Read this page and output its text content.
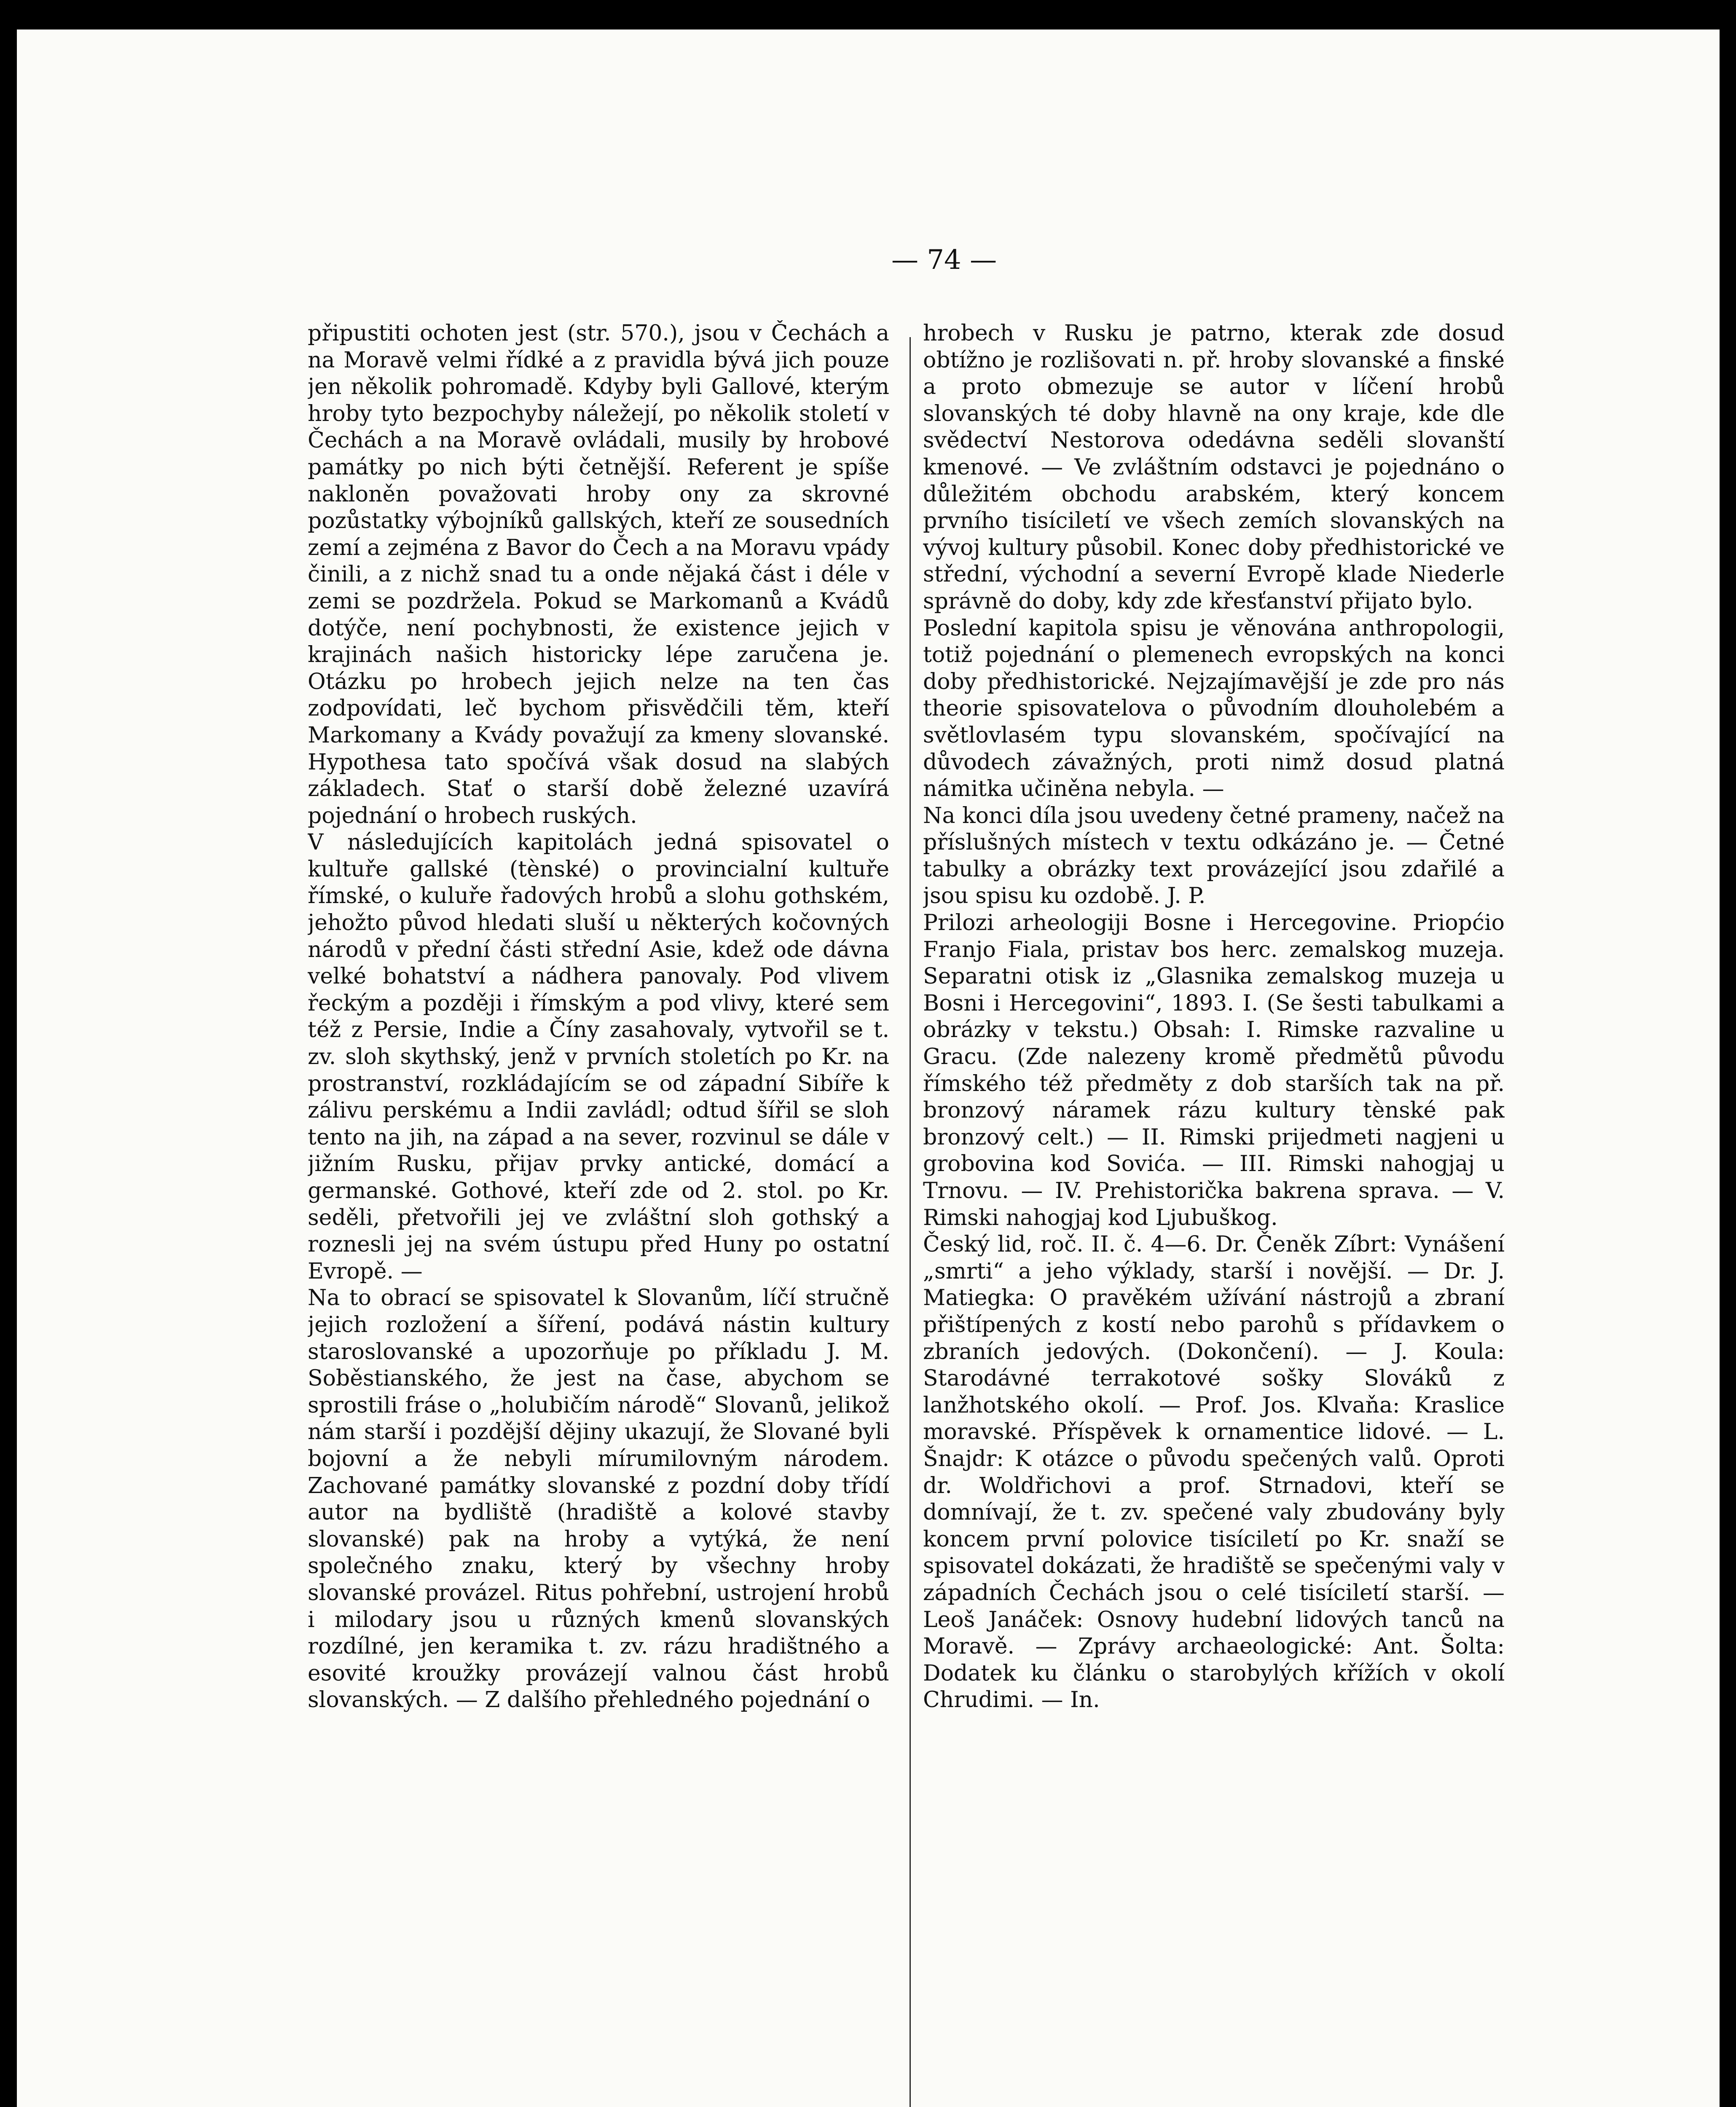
— 74 —

připustiti ochoten jest (str. 570.), jsou v Čechách a na Moravě velmi řídké a z pravidla bývá jich pouze jen několik pohromadě. Kdyby byli Gallové, kterým hroby tyto bezpochyby náležejí, po několik století v Čechách a na Moravě ovládali, musily by hrobové památky po nich býti četnější. Referent je spíše nakloněn považovati hroby ony za skrovné pozůstatky výbojníků gallských, kteří ze sousedních zemí a zejména z Bavor do Čech a na Moravu vpády činili, a z nichž snad tu a onde nějaká část i déle v zemi se pozdržela. Pokud se Markomanů a Kvádů dotýče, není pochybnosti, že existence jejich v krajinách našich historicky lépe zaručena je. Otázku po hrobech jejich nelze na ten čas zodpovídati, leč bychom přisvědčili těm, kteří Markomany a Kvády považují za kmeny slovanské. Hypothesa tato spočívá však dosud na slabých základech. Stať o starší době železné uzavírá pojednání o hrobech ruských.
V následujících kapitolách jedná spisovatel o kultuře gallské (tènské) o provincialní kultuře římské, o kuluře řadových hrobů a slohu gothském, jehožto původ hledati sluší u některých kočovných národů v přední části střední Asie, kdež ode dávna velké bohatství a nádhera panovaly. Pod vlivem řeckým a později i římským a pod vlivy, které sem též z Persie, Indie a Číny zasahovaly, vytvořil se t. zv. sloh skythský, jenž v prvních stoletích po Kr. na prostranství, rozkládajícím se od západní Sibíře k zálivu perskému a Indii zavládl; odtud šířil se sloh tento na jih, na západ a na sever, rozvinul se dále v jižním Rusku, přijav prvky antické, domácí a germanské. Gothové, kteří zde od 2. stol. po Kr. seděli, přetvořili jej ve zvláštní sloh gothský a roznesli jej na svém ústupu před Huny po ostatní Evropě. —
Na to obrací se spisovatel k Slovanům, líčí stručně jejich rozložení a šíření, podává nástin kultury staroslovanské a upozorňuje po příkladu J. M. Soběstianského, že jest na čase, abychom se sprostili fráse o „holubičím národě“ Slovanů, jelikož nám starší i pozdější dějiny ukazují, že Slované byli bojovní a že nebyli mírumilovným národem. Zachované památky slovanské z pozdní doby třídí autor na bydliště (hradiště a kolové stavby slovanské) pak na hroby a vytýká, že není společného znaku, který by všechny hroby slovanské provázel. Ritus pohřební, ustrojení hrobů i milodary jsou u různých kmenů slovanských rozdílné, jen keramika t. zv. rázu hradištného a esovité kroužky provázejí valnou část hrobů slovanských. — Z dalšího přehledného pojednání o

hrobech v Rusku je patrno, kterak zde dosud obtížno je rozlišovati n. př. hroby slovanské a finské a proto obmezuje se autor v líčení hrobů slovanských té doby hlavně na ony kraje, kde dle svědectví Nestorova odedávna seděli slovanští kmenové. — Ve zvláštním odstavci je pojednáno o důležitém obchodu arabském, který koncem prvního tisíciletí ve všech zemích slovanských na vývoj kultury působil. Konec doby předhistorické ve střední, východní a severní Evropě klade Niederle správně do doby, kdy zde křesťanství přijato bylo.
Poslední kapitola spisu je věnována anthropologii, totiž pojednání o plemenech evropských na konci doby předhistorické. Nejzajímavější je zde pro nás theorie spisovatelova o původním dlouholebém a světlovlasém typu slovanském, spočívající na důvodech závažných, proti nimž dosud platná námitka učiněna nebyla. —
Na konci díla jsou uvedeny četné prameny, načež na příslušných místech v textu odkázáno je. — Četné tabulky a obrázky text provázející jsou zdařilé a jsou spisu ku ozdobě. J. P.
Prilozi arheologiji Bosne i Hercegovine. Priopćio Franjo Fiala, pristav bos herc. zemalskog muzeja. Separatni otisk iz „Glasnika zemalskog muzeja u Bosni i Hercegovini“, 1893. I. (Se šesti tabulkami a obrázky v tekstu.) Obsah: I. Rimske razvaline u Gracu. (Zde nalezeny kromě předmětů původu římského též předměty z dob starších tak na př. bronzový náramek rázu kultury tènské pak bronzový celt.) — II. Rimski prijedmeti nagjeni u grobovina kod Sovića. — III. Rimski nahogjaj u Trnovu. — IV. Prehistorička bakrena sprava. — V. Rimski nahogjaj kod Ljubuškog.
Český lid, roč. II. č. 4—6. Dr. Čeněk Zíbrt: Vynášení „smrti“ a jeho výklady, starší i novější. — Dr. J. Matiegka: O pravěkém užívání nástrojů a zbraní přištípených z kostí nebo parohů s přídavkem o zbraních jedových. (Dokončení). — J. Koula: Starodávné terrakotové sošky Slováků z lanžhotského okolí. — Prof. Jos. Klvaňa: Kraslice moravské. Příspěvek k ornamentice lidové. — L. Šnajdr: K otázce o původu spečených valů. Oproti dr. Woldřichovi a prof. Strnadovi, kteří se domnívají, že t. zv. spečené valy zbudovány byly koncem první polovice tisíciletí po Kr. snaží se spisovatel dokázati, že hradiště se spečenými valy v západních Čechách jsou o celé tisíciletí starší. — Leoš Janáček: Osnovy hudební lidových tanců na Moravě. — Zprávy archaeologické: Ant. Šolta: Dodatek ku článku o starobylých křížích v okolí Chrudimi. — In.
